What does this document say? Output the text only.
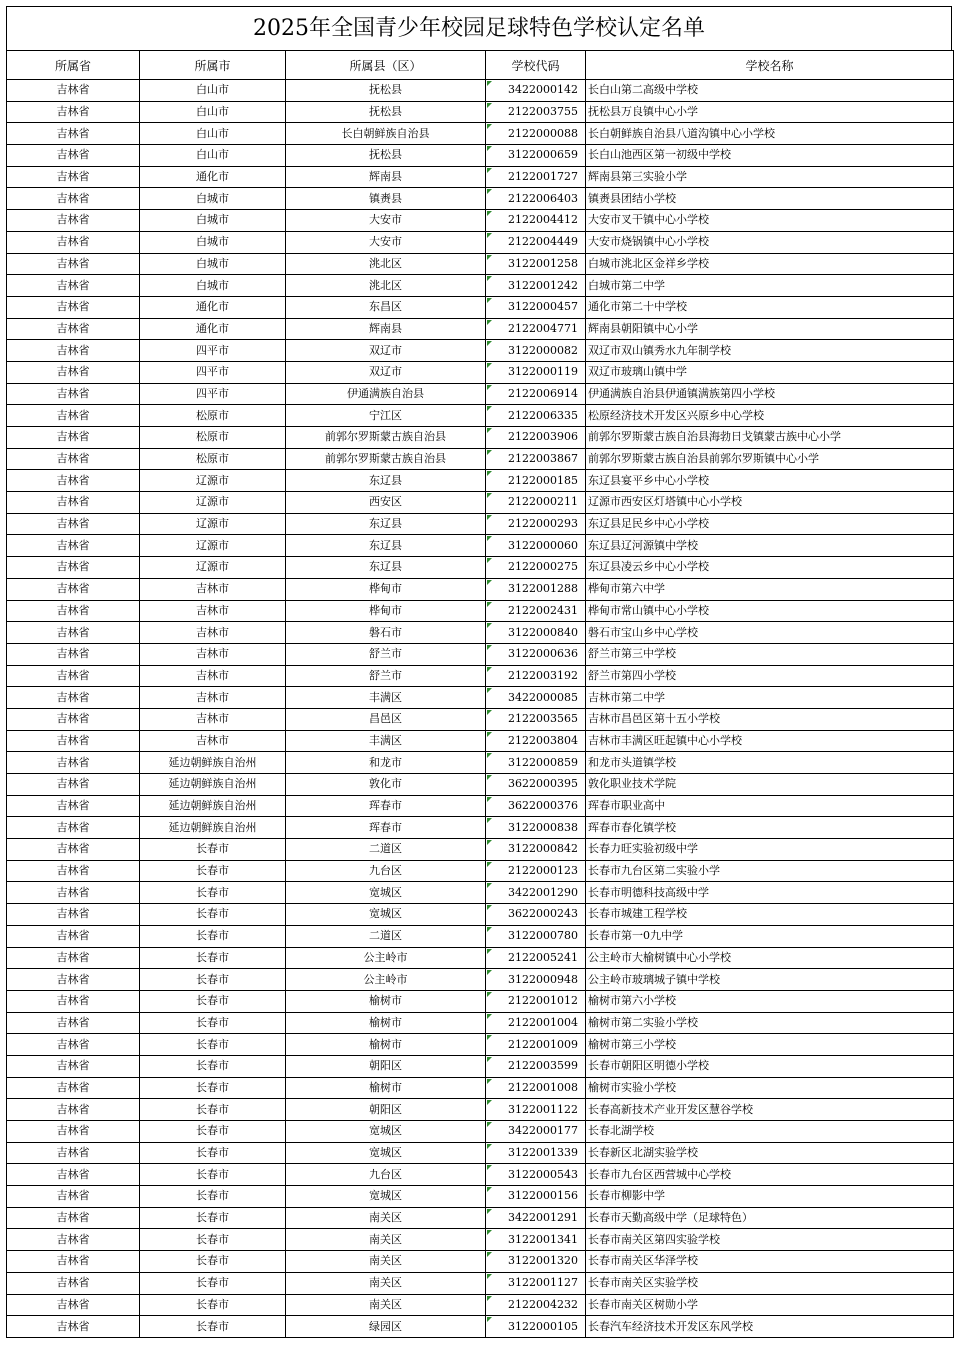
2025年全国青少年校园足球特色学校认定名单
所属省	所属市	所属县（区）	学校代码	学校名称
吉林省	白山市	抚松县	3422000142	长白山第二高级中学校
吉林省	白山市	抚松县	2122003755	抚松县万良镇中心小学
吉林省	白山市	长白朝鲜族自治县	2122000088	长白朝鲜族自治县八道沟镇中心小学校
吉林省	白山市	抚松县	3122000659	长白山池西区第一初级中学校
吉林省	通化市	辉南县	2122001727	辉南县第三实验小学
吉林省	白城市	镇赉县	2122006403	镇赉县团结小学校
吉林省	白城市	大安市	2122004412	大安市叉干镇中心小学校
吉林省	白城市	大安市	2122004449	大安市烧锅镇中心小学校
吉林省	白城市	洮北区	3122001258	白城市洮北区金祥乡学校
吉林省	白城市	洮北区	3122001242	白城市第二中学
吉林省	通化市	东昌区	3122000457	通化市第二十中学校
吉林省	通化市	辉南县	2122004771	辉南县朝阳镇中心小学
吉林省	四平市	双辽市	3122000082	双辽市双山镇秀水九年制学校
吉林省	四平市	双辽市	3122000119	双辽市玻璃山镇中学
吉林省	四平市	伊通满族自治县	2122006914	伊通满族自治县伊通镇满族第四小学校
吉林省	松原市	宁江区	2122006335	松原经济技术开发区兴原乡中心学校
吉林省	松原市	前郭尔罗斯蒙古族自治县	2122003906	前郭尔罗斯蒙古族自治县海勃日戈镇蒙古族中心小学
吉林省	松原市	前郭尔罗斯蒙古族自治县	2122003867	前郭尔罗斯蒙古族自治县前郭尔罗斯镇中心小学
吉林省	辽源市	东辽县	2122000185	东辽县宴平乡中心小学校
吉林省	辽源市	西安区	2122000211	辽源市西安区灯塔镇中心小学校
吉林省	辽源市	东辽县	2122000293	东辽县足民乡中心小学校
吉林省	辽源市	东辽县	3122000060	东辽县辽河源镇中学校
吉林省	辽源市	东辽县	2122000275	东辽县凌云乡中心小学校
吉林省	吉林市	桦甸市	3122001288	桦甸市第六中学
吉林省	吉林市	桦甸市	2122002431	桦甸市常山镇中心小学校
吉林省	吉林市	磐石市	3122000840	磐石市宝山乡中心学校
吉林省	吉林市	舒兰市	3122000636	舒兰市第三中学校
吉林省	吉林市	舒兰市	2122003192	舒兰市第四小学校
吉林省	吉林市	丰满区	3422000085	吉林市第二中学
吉林省	吉林市	昌邑区	2122003565	吉林市昌邑区第十五小学校
吉林省	吉林市	丰满区	2122003804	吉林市丰满区旺起镇中心小学校
吉林省	延边朝鲜族自治州	和龙市	3122000859	和龙市头道镇学校
吉林省	延边朝鲜族自治州	敦化市	3622000395	敦化职业技术学院
吉林省	延边朝鲜族自治州	珲春市	3622000376	珲春市职业高中
吉林省	延边朝鲜族自治州	珲春市	3122000838	珲春市春化镇学校
吉林省	长春市	二道区	3122000842	长春力旺实验初级中学
吉林省	长春市	九台区	2122000123	长春市九台区第二实验小学
吉林省	长春市	宽城区	3422001290	长春市明德科技高级中学
吉林省	长春市	宽城区	3622000243	长春市城建工程学校
吉林省	长春市	二道区	3122000780	长春市第一0九中学
吉林省	长春市	公主岭市	2122005241	公主岭市大榆树镇中心小学校
吉林省	长春市	公主岭市	3122000948	公主岭市玻璃城子镇中学校
吉林省	长春市	榆树市	2122001012	榆树市第六小学校
吉林省	长春市	榆树市	2122001004	榆树市第二实验小学校
吉林省	长春市	榆树市	2122001009	榆树市第三小学校
吉林省	长春市	朝阳区	2122003599	长春市朝阳区明德小学校
吉林省	长春市	榆树市	2122001008	榆树市实验小学校
吉林省	长春市	朝阳区	3122001122	长春高新技术产业开发区慧谷学校
吉林省	长春市	宽城区	3422000177	长春北湖学校
吉林省	长春市	宽城区	3122001339	长春新区北湖实验学校
吉林省	长春市	九台区	3122000543	长春市九台区西营城中心学校
吉林省	长春市	宽城区	3122000156	长春市柳影中学
吉林省	长春市	南关区	3422001291	长春市天勤高级中学（足球特色）
吉林省	长春市	南关区	3122001341	长春市南关区第四实验学校
吉林省	长春市	南关区	3122001320	长春市南关区华泽学校
吉林省	长春市	南关区	3122001127	长春市南关区实验学校
吉林省	长春市	南关区	2122004232	长春市南关区树勋小学
吉林省	长春市	绿园区	3122000105	长春汽车经济技术开发区东风学校
